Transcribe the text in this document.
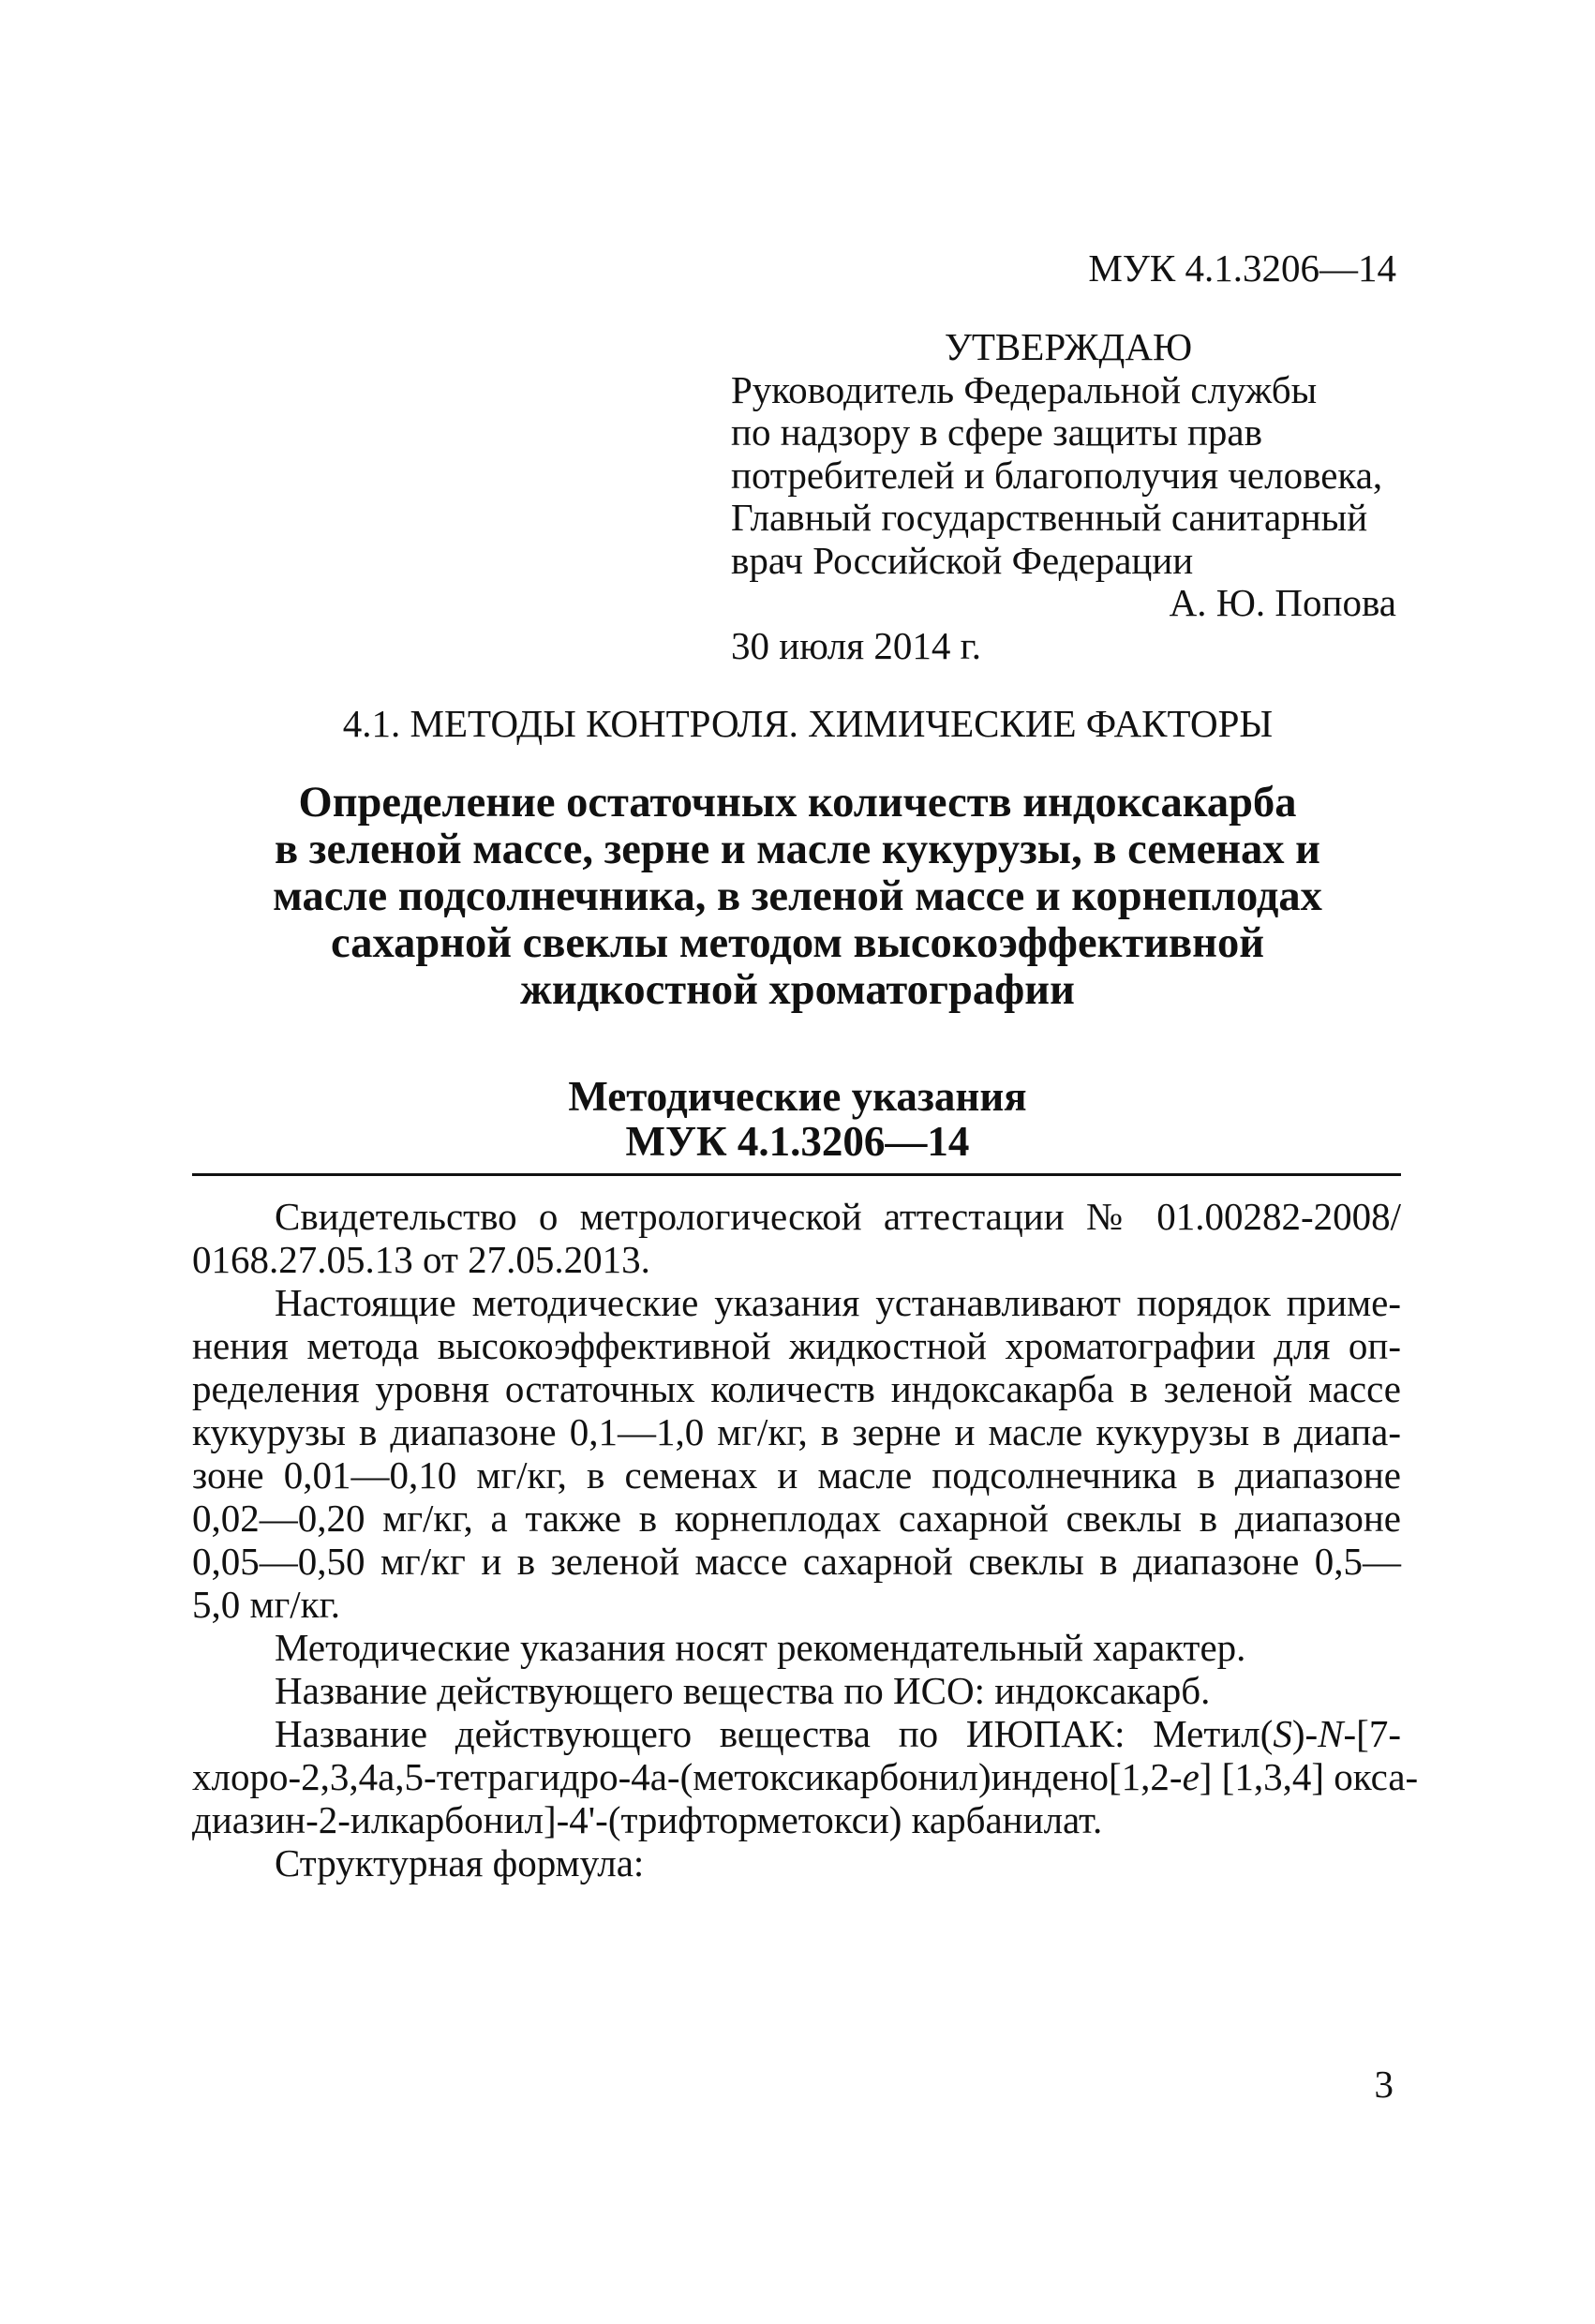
МУК 4.1.3206—14
УТВЕРЖДАЮ
Руководитель Федеральной службы
по надзору в сфере защиты прав
потребителей и благополучия человека,
Главный государственный санитарный
врач Российской Федерации
А. Ю. Попова
30 июля 2014 г.
4.1. МЕТОДЫ КОНТРОЛЯ. ХИМИЧЕСКИЕ ФАКТОРЫ
Определение остаточных количеств индоксакарба
в зеленой массе, зерне и масле кукурузы, в семенах и
масле подсолнечника, в зеленой массе и корнеплодах
сахарной свеклы методом высокоэффективной
жидкостной хроматографии
Методические указания
МУК 4.1.3206—14
Свидетельство о метрологической аттестации № 01.00282-2008/
0168.27.05.13 от 27.05.2013.
Настоящие методические указания устанавливают порядок приме-
нения метода высокоэффективной жидкостной хроматографии для оп-
ределения уровня остаточных количеств индоксакарба в зеленой массе
кукурузы в диапазоне 0,1—1,0 мг/кг, в зерне и масле кукурузы в диапа-
зоне 0,01—0,10 мг/кг, в семенах и масле подсолнечника в диапазоне
0,02—0,20 мг/кг, а также в корнеплодах сахарной свеклы в диапазоне
0,05—0,50 мг/кг и в зеленой массе сахарной свеклы в диапазоне 0,5—
5,0 мг/кг.
Методические указания носят рекомендательный характер.
Название действующего вещества по ИСО: индоксакарб.
Название действующего вещества по ИЮПАК: Метил(S)-N-[7-
хлоро-2,3,4а,5-тетрагидро-4а-(метоксикарбонил)индено[1,2-e] [1,3,4] окса-
диазин-2-илкарбонил]-4'-(трифторметокси) карбанилат.
Структурная формула:
3
